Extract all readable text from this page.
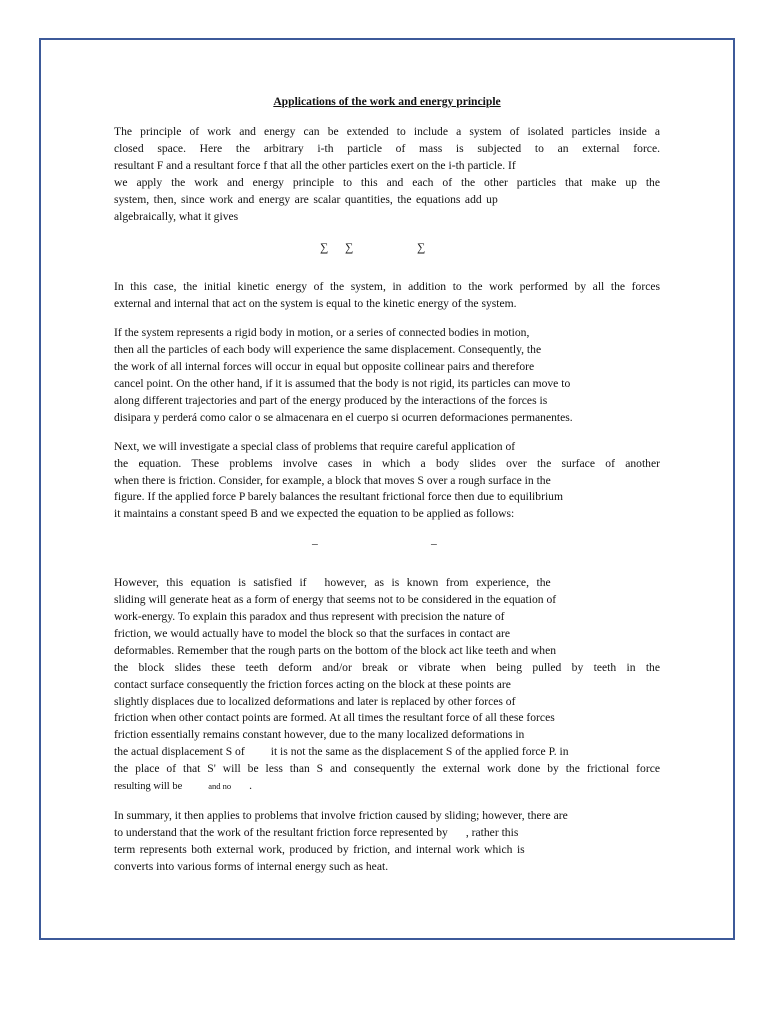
Applications of the work and energy principle
The principle of work and energy can be extended to include a system of isolated particles inside a
closed space. Here the arbitrary i-th particle of mass is subjected to an external force.
resultant F and a resultant force f that all the other particles exert on the i-th particle. If
we apply the work and energy principle to this and each of the other particles that make up the
system, then, since work and energy are scalar quantities, the equations add up
algebraically, what it gives
∑ ∑	∑
In this case, the initial kinetic energy of the system, in addition to the work performed by all the forces
external and internal that act on the system is equal to the kinetic energy of the system.
If the system represents a rigid body in motion, or a series of connected bodies in motion,
then all the particles of each body will experience the same displacement. Consequently, the
the work of all internal forces will occur in equal but opposite collinear pairs and therefore
cancel point. On the other hand, if it is assumed that the body is not rigid, its particles can move to
along different trajectories and part of the energy produced by the interactions of the forces is
disipara y perderá como calor o se almacenara en el cuerpo si ocurren deformaciones permanentes.
Next, we will investigate a special class of problems that require careful application of
the equation. These problems involve cases in which a body slides over the surface of another
when there is friction. Consider, for example, a block that moves S over a rough surface in the
figure. If the applied force P barely balances the resultant frictional force then due to equilibrium
it maintains a constant speed B and we expected the equation to be applied as follows:
–	–
However, this equation is satisfied if however, as is known from experience, the
sliding will generate heat as a form of energy that seems not to be considered in the equation of
work-energy. To explain this paradox and thus represent with precision the nature of
friction, we would actually have to model the block so that the surfaces in contact are
deformables. Remember that the rough parts on the bottom of the block act like teeth and when
the block slides these teeth deform and/or break or vibrate when being pulled by teeth in the
contact surface consequently the friction forces acting on the block at these points are
slightly displaces due to localized deformations and later is replaced by other forces of
friction when other contact points are formed. At all times the resultant force of all these forces
friction essentially remains constant however, due to the many localized deformations in
the actual displacement S of it is not the same as the displacement S of the applied force P. in
the place of that S' will be less than S and consequently the external work done by the frictional force
resulting will be	and no .
In summary, it then applies to problems that involve friction caused by sliding; however, there are
to understand that the work of the resultant friction force represented by , rather this
term represents both external work, produced by friction, and internal work which is
converts into various forms of internal energy such as heat.
